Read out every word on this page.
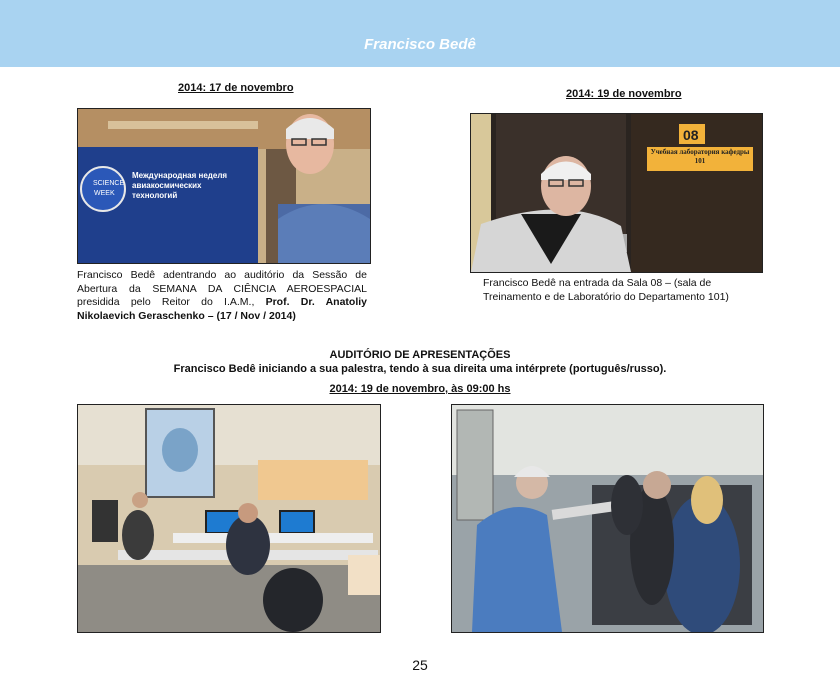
Francisco Bedê
2014: 17 de novembro
SCIENCE
WEEK
Международная неделя авиакосмических технологий
Francisco Bedê adentrando ao auditório da Sessão de Abertura da SEMANA DA CIÊNCIA AEROESPACIAL presidida pelo Reitor do I.A.M., Prof. Dr. Anatoliy Nikolaevich Geraschenko – (17 / Nov / 2014)
2014: 19 de novembro
08
Учебная лаборатория кафедры 101
Francisco Bedê na entrada da Sala 08 – (sala de Treinamento e de Laboratório do Departamento 101)
AUDITÓRIO DE APRESENTAÇÕES
Francisco Bedê iniciando a sua palestra, tendo à sua direita uma intérprete (português/russo).
2014: 19 de novembro, às 09:00 hs
25
